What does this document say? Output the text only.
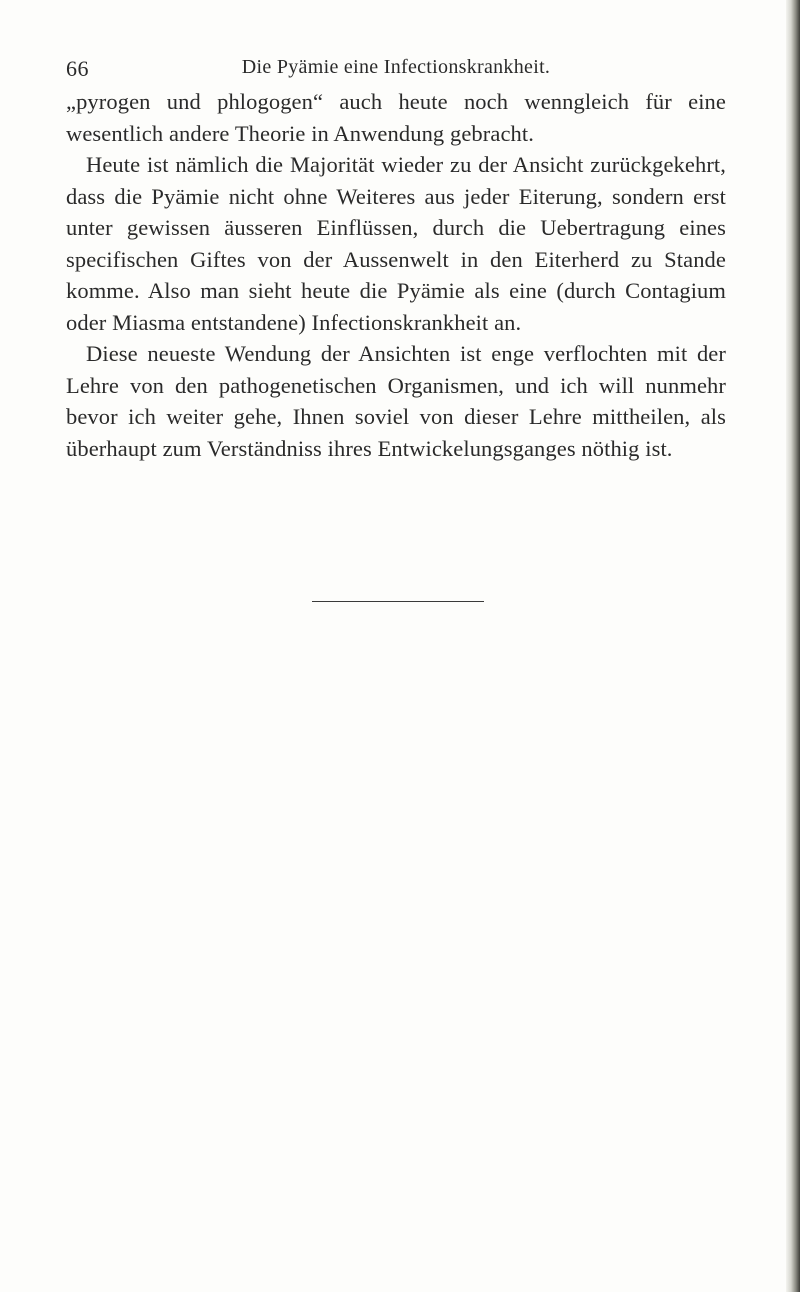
66	Die Pyämie eine Infectionskrankheit.

„pyrogen und phlogogen“ auch heute noch wenngleich für eine wesentlich andere Theorie in Anwendung gebracht.

Heute ist nämlich die Majorität wieder zu der Ansicht zurückgekehrt, dass die Pyämie nicht ohne Weiteres aus jeder Eiterung, sondern erst unter gewissen äusseren Einflüssen, durch die Uebertragung eines specifischen Giftes von der Aussenwelt in den Eiterherd zu Stande komme. Also man sieht heute die Pyämie als eine (durch Contagium oder Miasma entstandene) Infectionskrankheit an.

Diese neueste Wendung der Ansichten ist enge verflochten mit der Lehre von den pathogenetischen Organismen, und ich will nunmehr bevor ich weiter gehe, Ihnen soviel von dieser Lehre mittheilen, als überhaupt zum Verständniss ihres Entwickelungsganges nöthig ist.
